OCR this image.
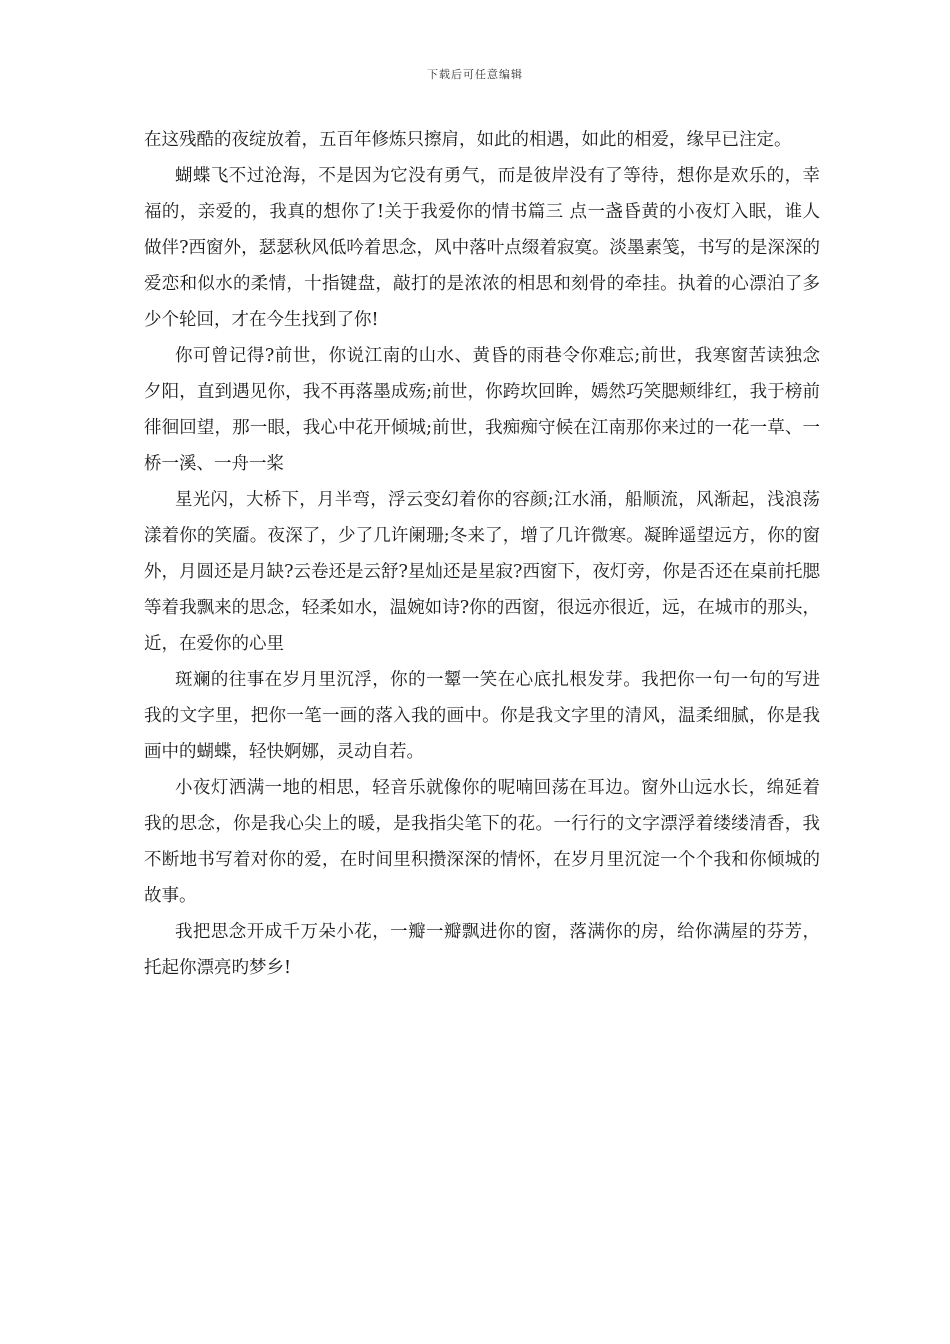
下载后可任意编辑

在这残酷的夜绽放着，五百年修炼只擦肩，如此的相遇，如此的相爱，缘早已注定。

蝴蝶飞不过沧海，不是因为它没有勇气，而是彼岸没有了等待，想你是欢乐的，幸福的，亲爱的，我真的想你了!关于我爱你的情书篇三 点一盏昏黄的小夜灯入眠，谁人做伴?西窗外，瑟瑟秋风低吟着思念，风中落叶点缀着寂寞。淡墨素笺，书写的是深深的爱恋和似水的柔情，十指键盘，敲打的是浓浓的相思和刻骨的牵挂。执着的心漂泊了多少个轮回，才在今生找到了你!

你可曾记得?前世，你说江南的山水、黄昏的雨巷令你难忘;前世，我寒窗苦读独念夕阳，直到遇见你，我不再落墨成殇;前世，你跨坎回眸，嫣然巧笑腮颊绯红，我于榜前徘徊回望，那一眼，我心中花开倾城;前世，我痴痴守候在江南那你来过的一花一草、一桥一溪、一舟一桨

星光闪，大桥下，月半弯，浮云变幻着你的容颜;江水涌，船顺流，风渐起，浅浪荡漾着你的笑靥。夜深了，少了几许阑珊;冬来了，增了几许微寒。凝眸遥望远方，你的窗外，月圆还是月缺?云卷还是云舒?星灿还是星寂?西窗下，夜灯旁，你是否还在桌前托腮等着我飘来的思念，轻柔如水，温婉如诗?你的西窗，很远亦很近，远，在城市的那头，近，在爱你的心里

斑斓的往事在岁月里沉浮，你的一颦一笑在心底扎根发芽。我把你一句一句的写进我的文字里，把你一笔一画的落入我的画中。你是我文字里的清风，温柔细腻，你是我画中的蝴蝶，轻快婀娜，灵动自若。

小夜灯洒满一地的相思，轻音乐就像你的呢喃回荡在耳边。窗外山远水长，绵延着我的思念，你是我心尖上的暖，是我指尖笔下的花。一行行的文字漂浮着缕缕清香，我不断地书写着对你的爱，在时间里积攒深深的情怀，在岁月里沉淀一个个我和你倾城的故事。

我把思念开成千万朵小花，一瓣一瓣飘进你的窗，落满你的房，给你满屋的芬芳，托起你漂亮旳梦乡!
